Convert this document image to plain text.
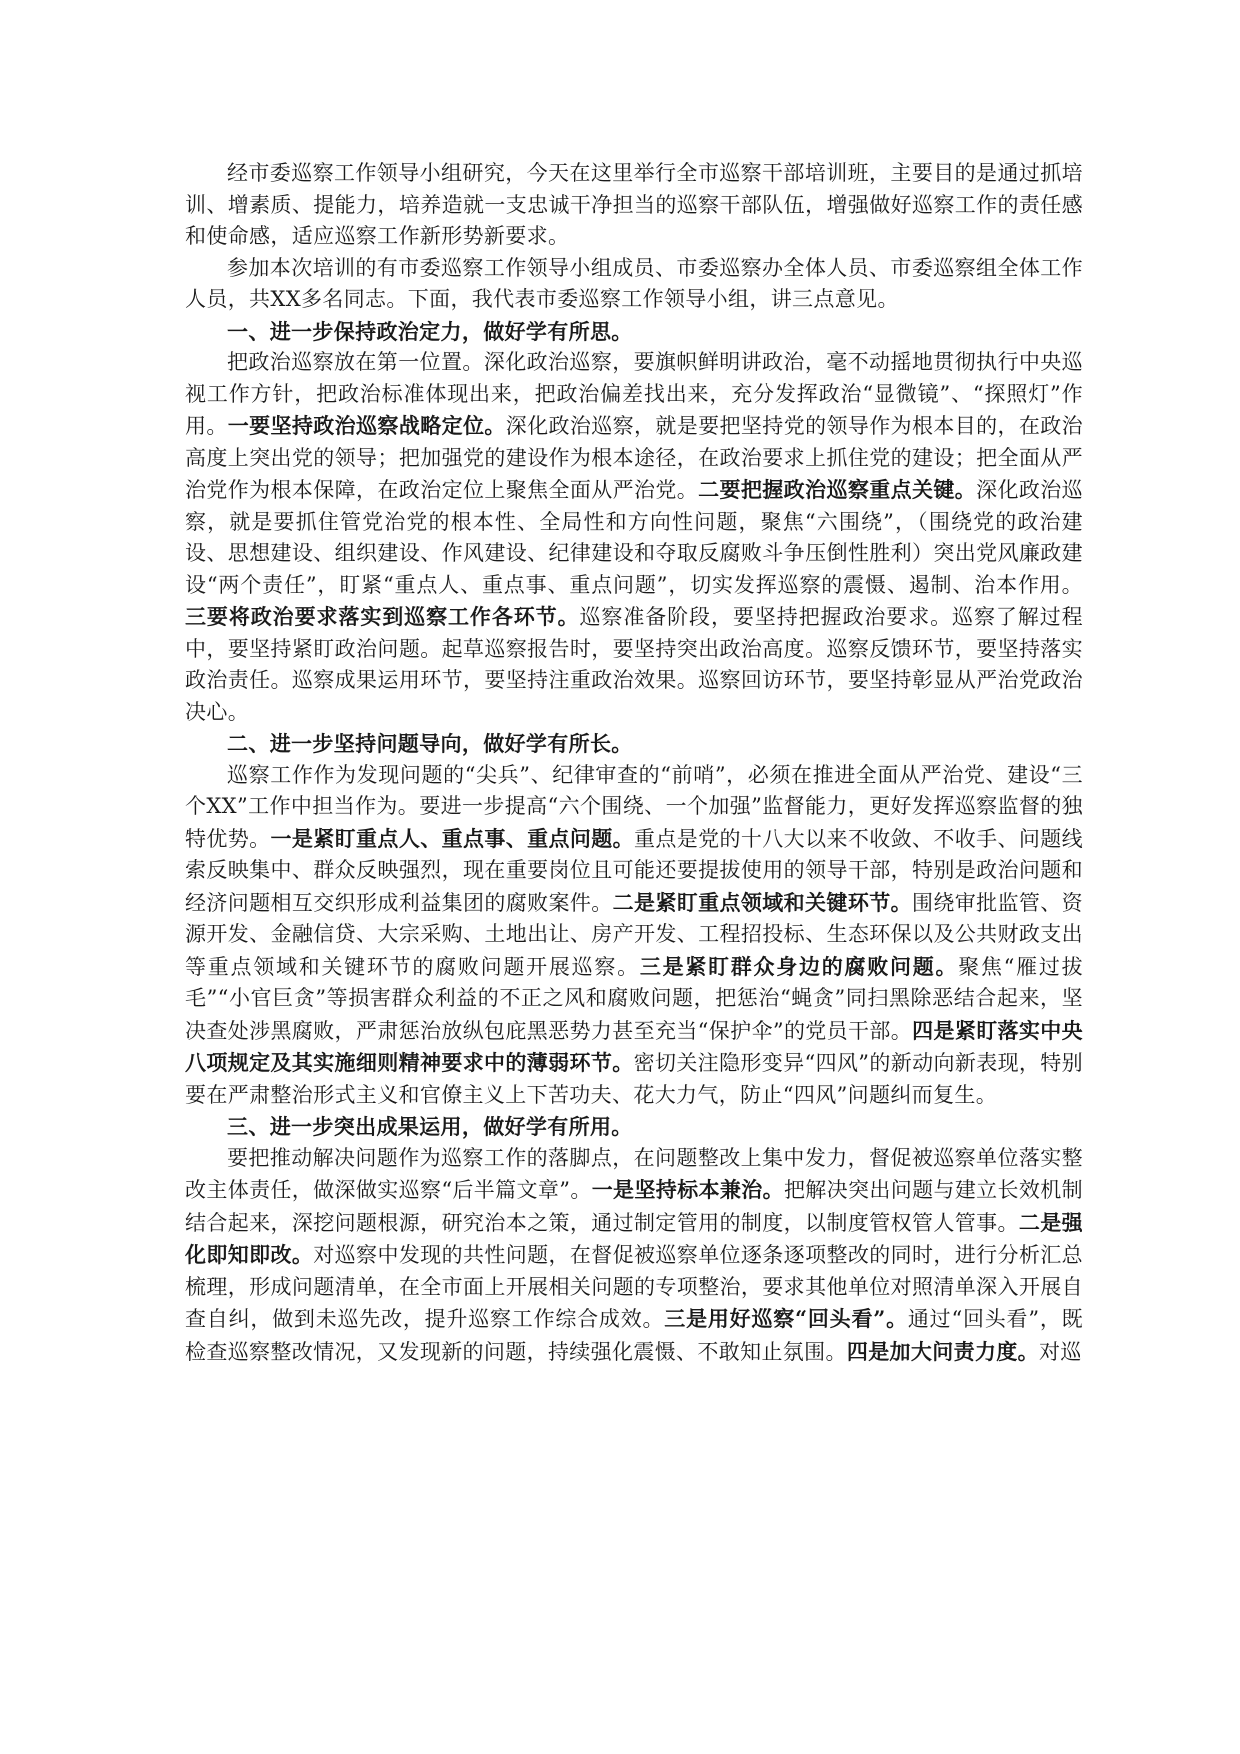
经市委巡察工作领导小组研究，今天在这里举行全市巡察干部培训班，主要目的是通过抓培训、增素质、提能力，培养造就一支忠诚干净担当的巡察干部队伍，增强做好巡察工作的责任感和使命感，适应巡察工作新形势新要求。

参加本次培训的有市委巡察工作领导小组成员、市委巡察办全体人员、市委巡察组全体工作人员，共XX多名同志。下面，我代表市委巡察工作领导小组，讲三点意见。

一、进一步保持政治定力，做好学有所思。

把政治巡察放在第一位置。深化政治巡察，要旗帜鲜明讲政治，毫不动摇地贯彻执行中央巡视工作方针，把政治标准体现出来，把政治偏差找出来，充分发挥政治“显微镜”、“探照灯”作用。一要坚持政治巡察战略定位。深化政治巡察，就是要把坚持党的领导作为根本目的，在政治高度上突出党的领导；把加强党的建设作为根本途径，在政治要求上抓住党的建设；把全面从严治党作为根本保障，在政治定位上聚焦全面从严治党。二要把握政治巡察重点关键。深化政治巡察，就是要抓住管党治党的根本性、全局性和方向性问题，聚焦“六围绕”，（围绕党的政治建设、思想建设、组织建设、作风建设、纪律建设和夺取反腐败斗争压倒性胜利）突出党风廉政建设“两个责任”，盯紧“重点人、重点事、重点问题”，切实发挥巡察的震慑、遏制、治本作用。三要将政治要求落实到巡察工作各环节。巡察准备阶段，要坚持把握政治要求。巡察了解过程中，要坚持紧盯政治问题。起草巡察报告时，要坚持突出政治高度。巡察反馈环节，要坚持落实政治责任。巡察成果运用环节，要坚持注重政治效果。巡察回访环节，要坚持彰显从严治党政治决心。

二、进一步坚持问题导向，做好学有所长。

巡察工作作为发现问题的“尖兵”、纪律审查的“前哨”，必须在推进全面从严治党、建设“三个XX”工作中担当作为。要进一步提高“六个围绕、一个加强”监督能力，更好发挥巡察监督的独特优势。一是紧盯重点人、重点事、重点问题。重点是党的十八大以来不收敛、不收手、问题线索反映集中、群众反映强烈，现在重要岗位且可能还要提拔使用的领导干部，特别是政治问题和经济问题相互交织形成利益集团的腐败案件。二是紧盯重点领域和关键环节。围绕审批监管、资源开发、金融信贷、大宗采购、土地出让、房产开发、工程招投标、生态环保以及公共财政支出等重点领域和关键环节的腐败问题开展巡察。三是紧盯群众身边的腐败问题。聚焦“雁过拔毛”“小官巨贪”等损害群众利益的不正之风和腐败问题，把惩治“蝇贪”同扫黑除恶结合起来，坚决查处涉黑腐败，严肃惩治放纵包庇黑恶势力甚至充当“保护伞”的党员干部。四是紧盯落实中央八项规定及其实施细则精神要求中的薄弱环节。密切关注隐形变异“四风”的新动向新表现，特别要在严肃整治形式主义和官僚主义上下苦功夫、花大力气，防止“四风”问题纠而复生。

三、进一步突出成果运用，做好学有所用。

要把推动解决问题作为巡察工作的落脚点，在问题整改上集中发力，督促被巡察单位落实整改主体责任，做深做实巡察“后半篇文章”。一是坚持标本兼治。把解决突出问题与建立长效机制结合起来，深挖问题根源，研究治本之策，通过制定管用的制度，以制度管权管人管事。二是强化即知即改。对巡察中发现的共性问题，在督促被巡察单位逐条逐项整改的同时，进行分析汇总梳理，形成问题清单，在全市面上开展相关问题的专项整治，要求其他单位对照清单深入开展自查自纠，做到未巡先改，提升巡察工作综合成效。三是用好巡察“回头看”。通过“回头看”，既检查巡察整改情况，又发现新的问题，持续强化震慑、不敢知止氛围。四是加大问责力度。对巡
